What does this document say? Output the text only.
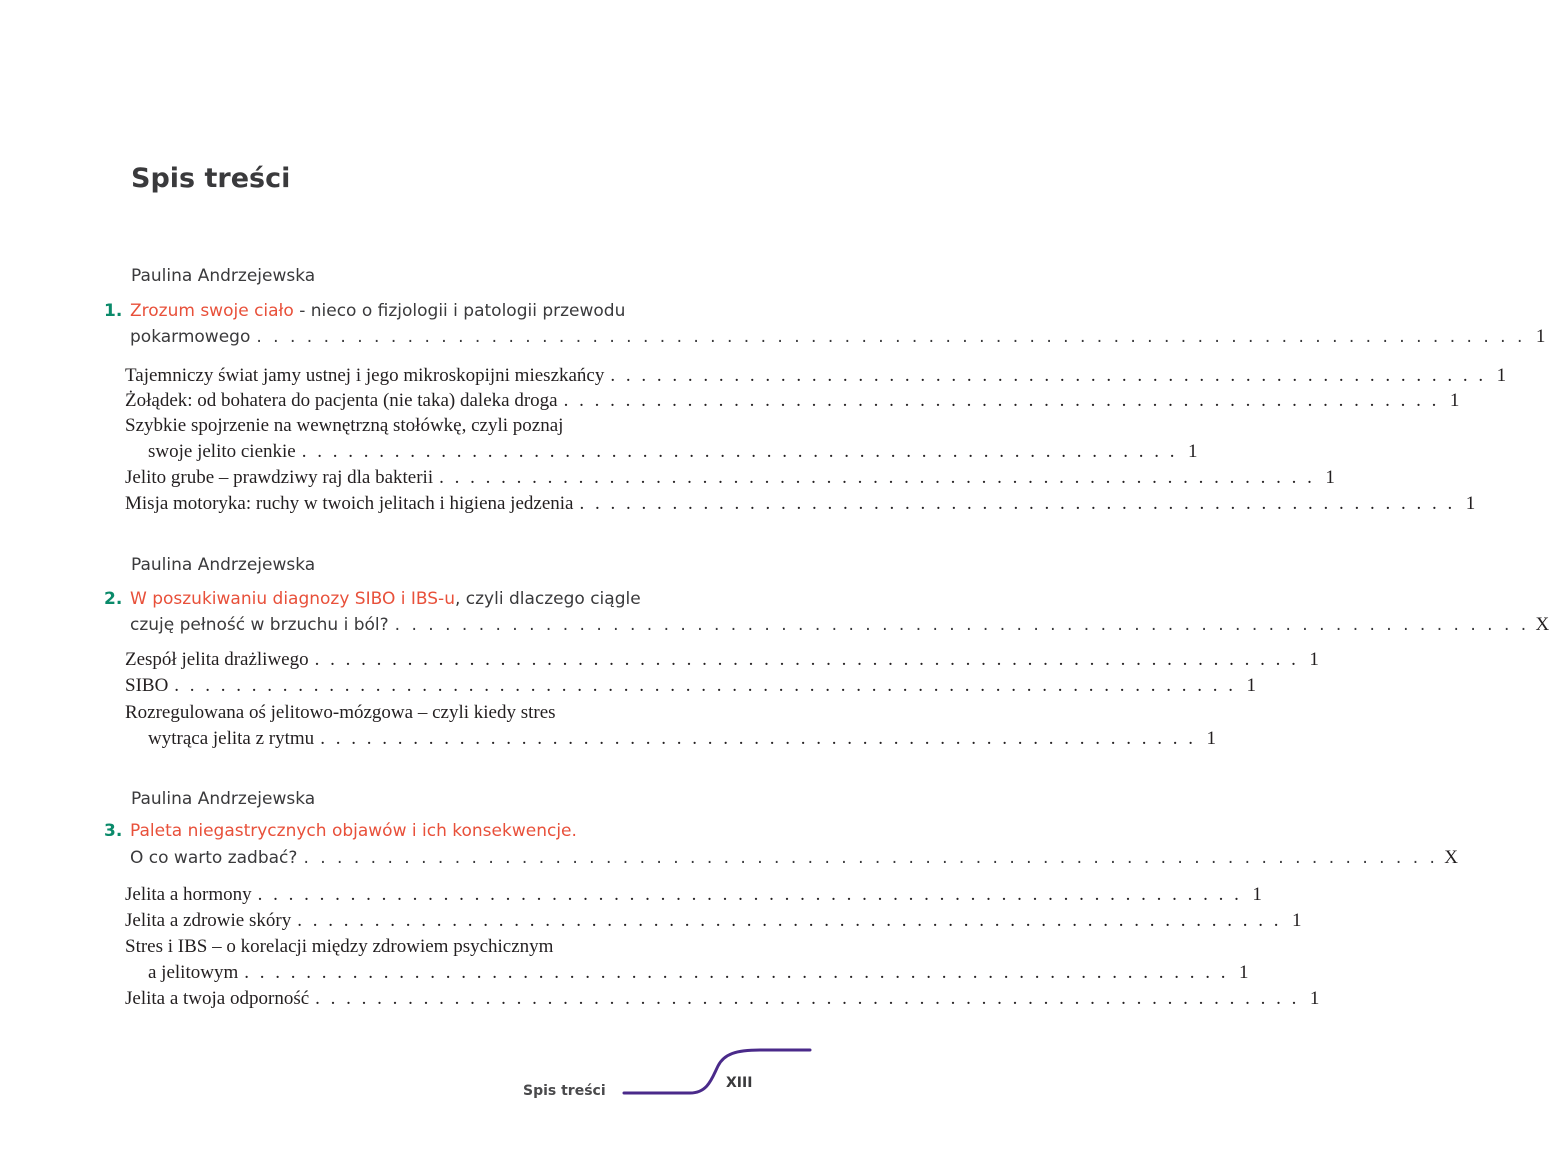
Spis treści
Paulina Andrzejewska
1. Zrozum swoje ciało - nieco o fizjologii i patologii przewodu
pokarmowego . . . . . . . . . . . . . . . . . . . . . . . . . . . . . . . . . . . . . . . . . . . . . . . . . . . . . . . . . . . . . . . . . . . . . . . . . . . . 1
Tajemniczy świat jamy ustnej i jego mikroskopijni mieszkańcy . . . . . . . . . . . . . . . . . . . . . . . . . . . . . . . . . . . . . . . . . . . . . . . . . . . . . . . . . 1
Żołądek: od bohatera do pacjenta (nie taka) daleka droga . . . . . . . . . . . . . . . . . . . . . . . . . . . . . . . . . . . . . . . . . . . . . . . . . . . . . . . . . 1
Szybkie spojrzenie na wewnętrzną stołówkę, czyli poznaj
swoje jelito cienkie . . . . . . . . . . . . . . . . . . . . . . . . . . . . . . . . . . . . . . . . . . . . . . . . . . . . . . . . . 1
Jelito grube – prawdziwy raj dla bakterii . . . . . . . . . . . . . . . . . . . . . . . . . . . . . . . . . . . . . . . . . . . . . . . . . . . . . . . . . 1
Misja motoryka: ruchy w twoich jelitach i higiena jedzenia . . . . . . . . . . . . . . . . . . . . . . . . . . . . . . . . . . . . . . . . . . . . . . . . . . . . . . . . . 1
Paulina Andrzejewska
2. W poszukiwaniu diagnozy SIBO i IBS-u, czyli dlaczego ciągle
czuję pełność w brzuchu i ból? . . . . . . . . . . . . . . . . . . . . . . . . . . . . . . . . . . . . . . . . . . . . . . . . . . . . . . . . . . . . . . . . . . . . X
Zespół jelita drażliwego . . . . . . . . . . . . . . . . . . . . . . . . . . . . . . . . . . . . . . . . . . . . . . . . . . . . . . . . . . . . . . . . 1
SIBO . . . . . . . . . . . . . . . . . . . . . . . . . . . . . . . . . . . . . . . . . . . . . . . . . . . . . . . . . . . . . . . . . . . . . 1
Rozregulowana oś jelitowo-mózgowa – czyli kiedy stres
wytrąca jelita z rytmu . . . . . . . . . . . . . . . . . . . . . . . . . . . . . . . . . . . . . . . . . . . . . . . . . . . . . . . . . 1
Paulina Andrzejewska
3. Paleta niegastrycznych objawów i ich konsekwencje.
O co warto zadbać? . . . . . . . . . . . . . . . . . . . . . . . . . . . . . . . . . . . . . . . . . . . . . . . . . . . . . . . . . . . . . . . . . . . . X
Jelita a hormony . . . . . . . . . . . . . . . . . . . . . . . . . . . . . . . . . . . . . . . . . . . . . . . . . . . . . . . . . . . . . . . . 1
Jelita a zdrowie skóry . . . . . . . . . . . . . . . . . . . . . . . . . . . . . . . . . . . . . . . . . . . . . . . . . . . . . . . . . . . . . . . . 1
Stres i IBS – o korelacji między zdrowiem psychicznym
a jelitowym . . . . . . . . . . . . . . . . . . . . . . . . . . . . . . . . . . . . . . . . . . . . . . . . . . . . . . . . . . . . . . . . 1
Jelita a twoja odporność . . . . . . . . . . . . . . . . . . . . . . . . . . . . . . . . . . . . . . . . . . . . . . . . . . . . . . . . . . . . . . . . 1
Spis treści	XIII
